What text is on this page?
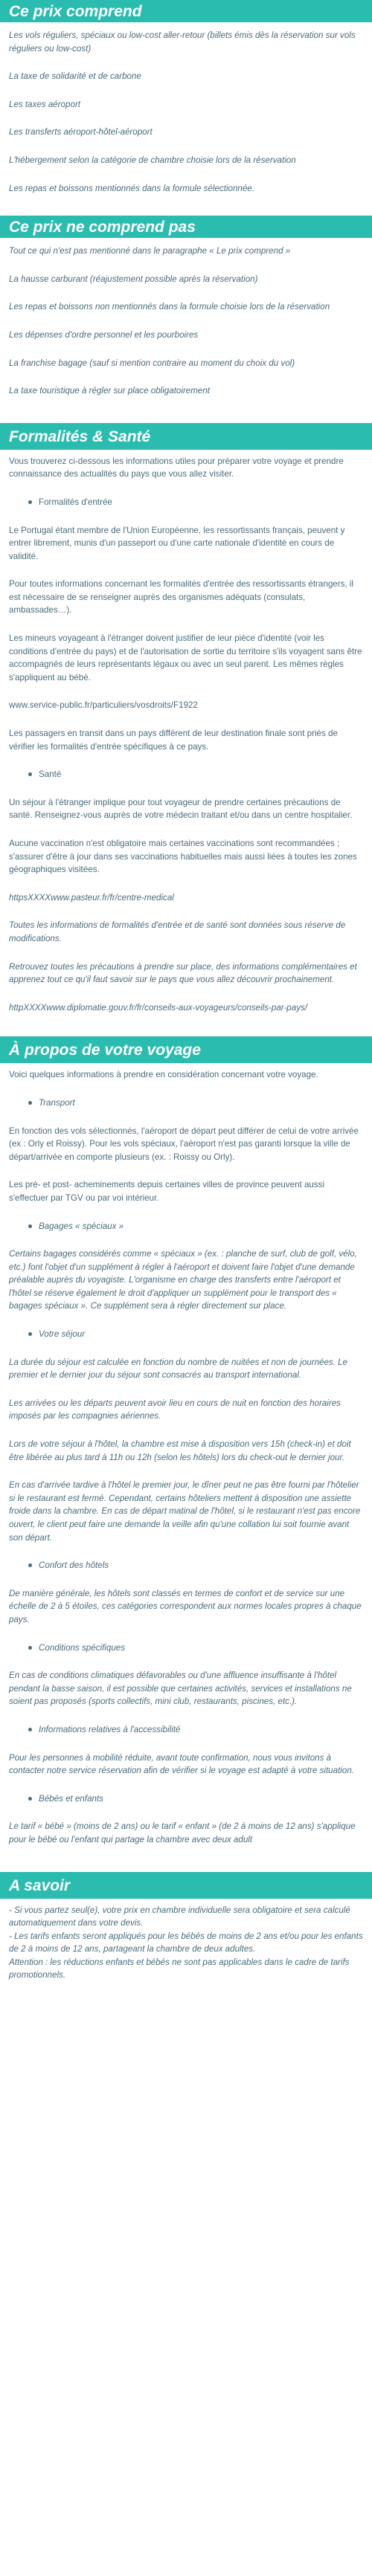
Ce prix comprend

Les vols réguliers, spéciaux ou low-cost aller-retour (billets émis dès la réservation sur vols réguliers ou low-cost)

La taxe de solidarité et de carbone

Les taxes aéroport

Les transferts aéroport-hôtel-aéroport

L'hébergement selon la catégorie de chambre choisie lors de la réservation

Les repas et boissons mentionnés dans la formule sélectionnée.

Ce prix ne comprend pas

Tout ce qui n'est pas mentionné dans le paragraphe « Le prix comprend »

La hausse carburant (réajustement possible après la réservation)

Les repas et boissons non mentionnés dans la formule choisie lors de la réservation

Les dépenses d'ordre personnel et les pourboires

La franchise bagage (sauf si mention contraire au moment du choix du vol)

La taxe touristique à régler sur place obligatoirement

Formalités & Santé

Vous trouverez ci-dessous les informations utiles pour préparer votre voyage et prendre connaissance des actualités du pays que vous allez visiter.

Formalités d'entrée

Le Portugal étant membre de l'Union Européenne, les ressortissants français, peuvent y entrer librement, munis d'un passeport ou d'une carte nationale d'identité en cours de validité.

Pour toutes informations concernant les formalités d'entrée des ressortissants étrangers, il est nécessaire de se renseigner auprès des organismes adéquats (consulats, ambassades…).

Les mineurs voyageant à l'étranger doivent justifier de leur pièce d'identité (voir les conditions d'entrée du pays) et de l'autorisation de sortie du territoire s'ils voyagent sans être accompagnés de leurs représentants légaux ou avec un seul parent. Les mêmes règles s'appliquent au bébé.

www.service-public.fr/particuliers/vosdroits/F1922

Les passagers en transit dans un pays différent de leur destination finale sont priés de vérifier les formalités d'entrée spécifiques à ce pays.

Santé

Un séjour à l'étranger implique pour tout voyageur de prendre certaines précautions de santé. Renseignez-vous auprès de votre médecin traitant et/ou dans un centre hospitalier.

Aucune vaccination n'est obligatoire mais certaines vaccinations sont recommandées ; s'assurer d'être à jour dans ses vaccinations habituelles mais aussi liées à toutes les zones géographiques visitées.

httpsXXXXwww.pasteur.fr/fr/centre-medical

Toutes les informations de formalités d'entrée et de santé sont données sous réserve de modifications.

Retrouvez toutes les précautions à prendre sur place, des informations complémentaires et apprenez tout ce qu'il faut savoir sur le pays que vous allez découvrir prochainement.

httpXXXXwww.diplomatie.gouv.fr/fr/conseils-aux-voyageurs/conseils-par-pays/

À propos de votre voyage

Voici quelques informations à prendre en considération concernant votre voyage.

Transport

En fonction des vols sélectionnés, l'aéroport de départ peut différer de celui de votre arrivée (ex : Orly et Roissy). Pour les vols spéciaux, l'aéroport n'est pas garanti lorsque la ville de départ/arrivée en comporte plusieurs (ex. : Roissy ou Orly).

Les pré- et post- acheminements depuis certaines villes de province peuvent aussi s'effectuer par TGV ou par voi intérieur.

Bagages « spéciaux »

Certains bagages considérés comme « spéciaux » (ex. : planche de surf, club de golf, vélo, etc.) font l'objet d'un supplément à régler à l'aéroport et doivent faire l'objet d'une demande préalable auprès du voyagiste. L'organisme en charge des transferts entre l'aéroport et l'hôtel se réserve également le droit d'appliquer un supplément pour le transport des « bagages spéciaux ». Ce supplément sera à régler directement sur place.

Votre séjour

La durée du séjour est calculée en fonction du nombre de nuitées et non de journées. Le premier et le dernier jour du séjour sont consacrés au transport international.

Les arrivées ou les départs peuvent avoir lieu en cours de nuit en fonction des horaires imposés par les compagnies aériennes.

Lors de votre séjour à l'hôtel, la chambre est mise à disposition vers 15h (check-in) et doit être libérée au plus tard à 11h ou 12h (selon les hôtels) lors du check-out le dernier jour.

En cas d'arrivée tardive à l'hôtel le premier jour, le dîner peut ne pas être fourni par l'hôtelier si le restaurant est fermé. Cependant, certains hôteliers mettent à disposition une assiette froide dans la chambre. En cas de départ matinal de l'hôtel, si le restaurant n'est pas encore ouvert, le client peut faire une demande la veille afin qu'une collation lui soit fournie avant son départ.

Confort des hôtels

De manière générale, les hôtels sont classés en termes de confort et de service sur une échelle de 2 à 5 étoiles, ces catégories correspondent aux normes locales propres à chaque pays.

Conditions spécifiques

En cas de conditions climatiques défavorables ou d'une affluence insuffisante à l'hôtel pendant la basse saison, il est possible que certaines activités, services et installations ne soient pas proposés (sports collectifs, mini club, restaurants, piscines, etc.).

Informations relatives à l'accessibilité

Pour les personnes à mobilité réduite, avant toute confirmation, nous vous invitons à contacter notre service réservation afin de vérifier si le voyage est adapté à votre situation.

Bébés et enfants

Le tarif « bébé » (moins de 2 ans) ou le tarif « enfant » (de 2 à moins de 12 ans) s'applique pour le bébé ou l'enfant qui partage la chambre avec deux adult

A savoir
- Si vous partez seul(e), votre prix en chambre individuelle sera obligatoire et sera calculé automatiquement dans votre devis.
- Les tarifs enfants seront appliqués pour les bébés de moins de 2 ans et/ou pour les enfants de 2 à moins de 12 ans, partageant la chambre de deux adultes.
Attention : les réductions enfants et bébés ne sont pas applicables dans le cadre de tarifs promotionnels.
